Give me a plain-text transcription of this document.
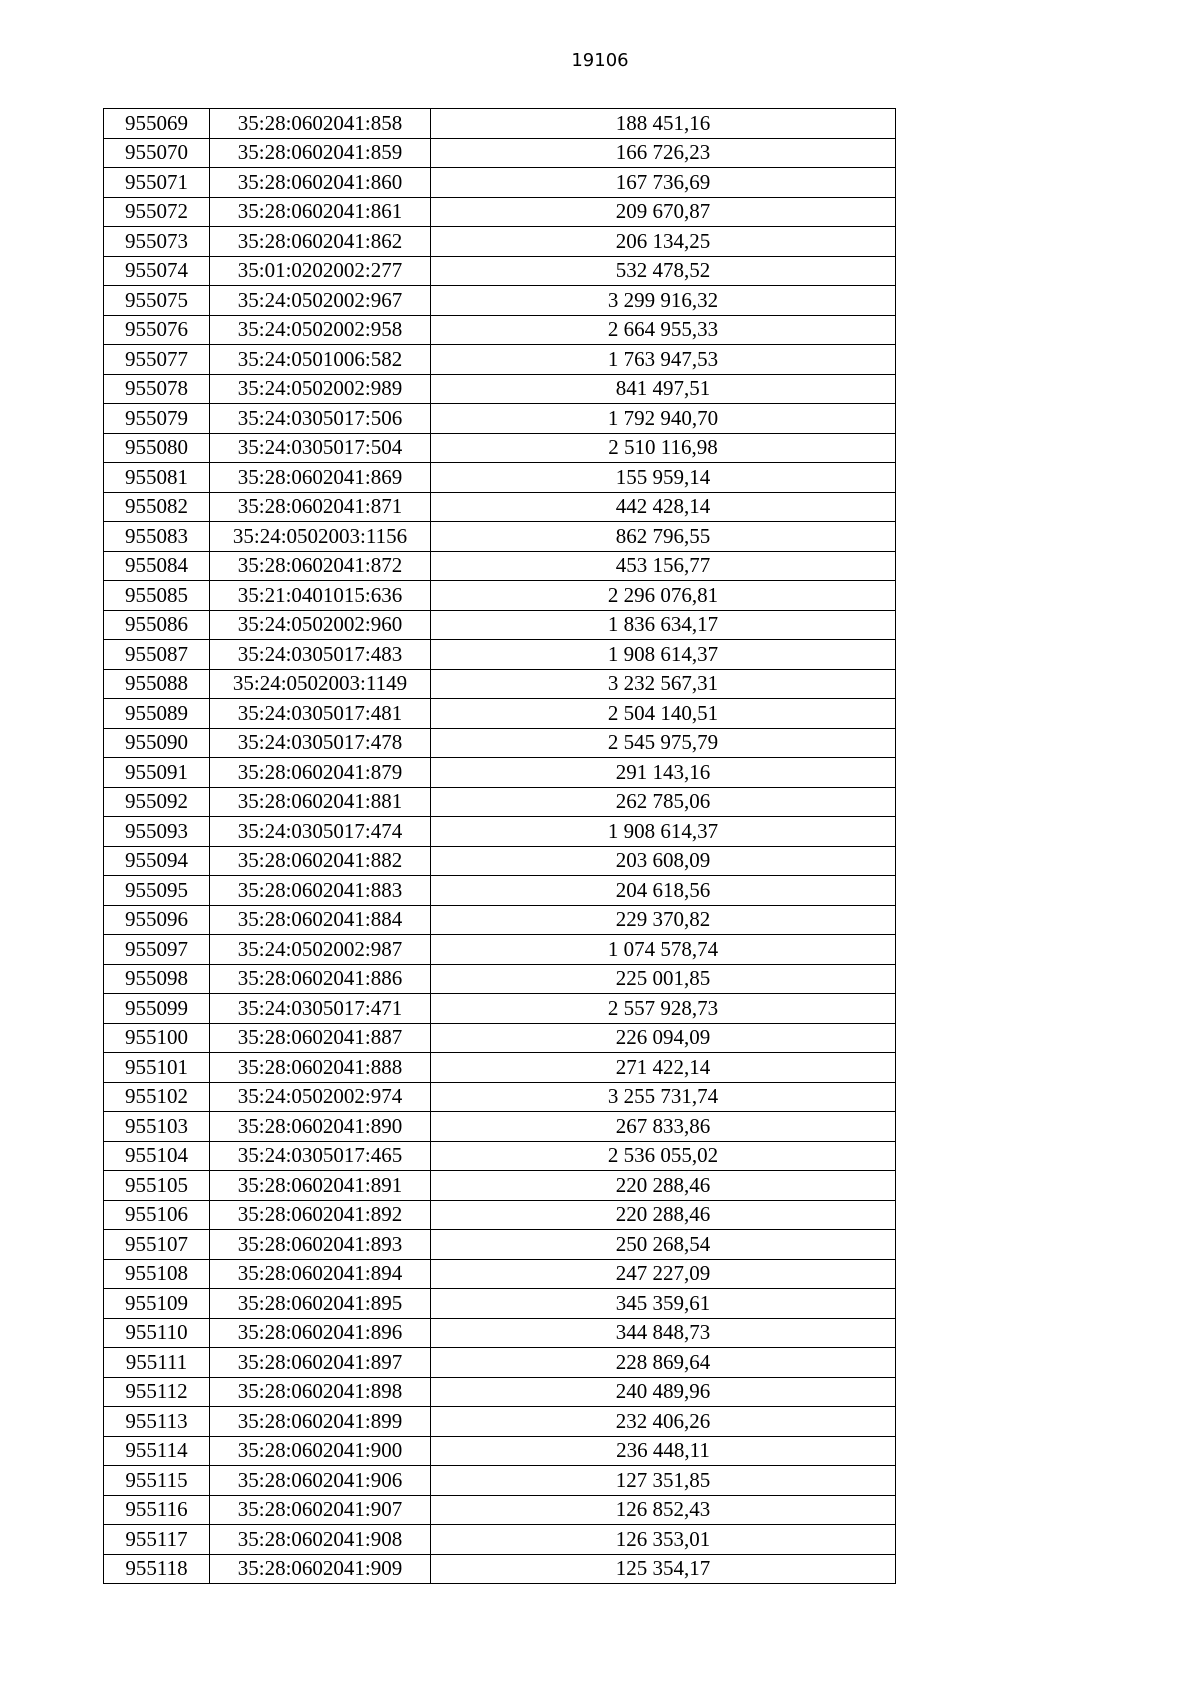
19106
955069	35:28:0602041:858	188 451,16
955070	35:28:0602041:859	166 726,23
955071	35:28:0602041:860	167 736,69
955072	35:28:0602041:861	209 670,87
955073	35:28:0602041:862	206 134,25
955074	35:01:0202002:277	532 478,52
955075	35:24:0502002:967	3 299 916,32
955076	35:24:0502002:958	2 664 955,33
955077	35:24:0501006:582	1 763 947,53
955078	35:24:0502002:989	841 497,51
955079	35:24:0305017:506	1 792 940,70
955080	35:24:0305017:504	2 510 116,98
955081	35:28:0602041:869	155 959,14
955082	35:28:0602041:871	442 428,14
955083	35:24:0502003:1156	862 796,55
955084	35:28:0602041:872	453 156,77
955085	35:21:0401015:636	2 296 076,81
955086	35:24:0502002:960	1 836 634,17
955087	35:24:0305017:483	1 908 614,37
955088	35:24:0502003:1149	3 232 567,31
955089	35:24:0305017:481	2 504 140,51
955090	35:24:0305017:478	2 545 975,79
955091	35:28:0602041:879	291 143,16
955092	35:28:0602041:881	262 785,06
955093	35:24:0305017:474	1 908 614,37
955094	35:28:0602041:882	203 608,09
955095	35:28:0602041:883	204 618,56
955096	35:28:0602041:884	229 370,82
955097	35:24:0502002:987	1 074 578,74
955098	35:28:0602041:886	225 001,85
955099	35:24:0305017:471	2 557 928,73
955100	35:28:0602041:887	226 094,09
955101	35:28:0602041:888	271 422,14
955102	35:24:0502002:974	3 255 731,74
955103	35:28:0602041:890	267 833,86
955104	35:24:0305017:465	2 536 055,02
955105	35:28:0602041:891	220 288,46
955106	35:28:0602041:892	220 288,46
955107	35:28:0602041:893	250 268,54
955108	35:28:0602041:894	247 227,09
955109	35:28:0602041:895	345 359,61
955110	35:28:0602041:896	344 848,73
955111	35:28:0602041:897	228 869,64
955112	35:28:0602041:898	240 489,96
955113	35:28:0602041:899	232 406,26
955114	35:28:0602041:900	236 448,11
955115	35:28:0602041:906	127 351,85
955116	35:28:0602041:907	126 852,43
955117	35:28:0602041:908	126 353,01
955118	35:28:0602041:909	125 354,17
